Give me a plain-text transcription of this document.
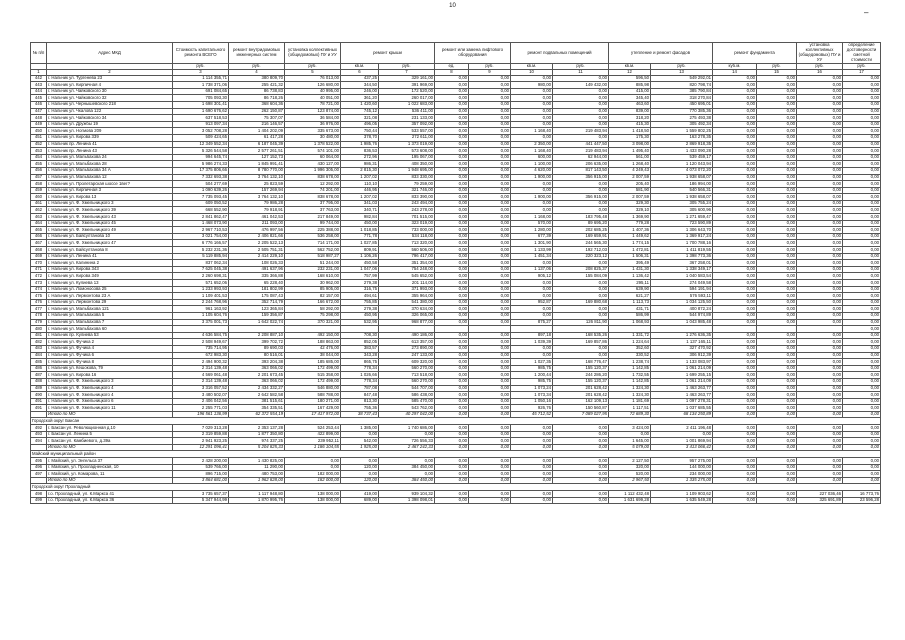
10
–
№ п/п	Адрес МКД	Стоимость капитального ремонта ВСЕГО	ремонт внутридомовых инженерных систем	установка коллективных (общедомовых) ПУ и УУ	ремонт крыши		ремонт или замена лифтового оборудования		ремонт подвальных помещений		утепление и ремонт фасадов		ремонт фундамента		установка коллективных (общедомовых) ПУ и УУ	определение достоверности сметной стоимости
		руб.	руб.	руб.	кв.м.	руб.	ед.	руб.	кв.м.	руб.	кв.м.	руб.	куб.м.	руб.	руб.	руб.
1	2	3	4	5	6	7	8	9	10	11	12	13	14	15	16	17
442	г. Нальчик ул. Тургенева 23	1 114 355,71	380 809,70	76 013,00	437,25	329 161,00	0,00	0,00	0,00	0,00	596,50	549 292,01	0,00	0,00	0,00	0,00
443	г. Нальчик ул. Кирпичная 4	1 738 371,06	255 421,32	126 680,00	344,50	391 969,00	0,00	0,00	980,00	149 432,00	885,98	820 798,74	0,00	0,00	0,00	0,00
444	г. Нальчик ул. Чайковского 30	691 084,65	86 738,83	40 995,00	246,00	172 520,00	0,00	0,00	0,00	0,00	415,00	385 790,84	0,00	0,00	0,00	0,00
445	г. Нальчик ул. Чайковского 32	705 093,30	86 718,26	40 051,00	361,20	260 017,00	0,00	0,00	0,00	0,00	345,40	318 270,84	0,00	0,00	0,00	0,00
446	г. Нальчик ул. Чернышевского 218	1 698 301,41	368 604,36	78 721,00	1 420,60	1 022 683,00	0,00	0,00	0,00	0,00	463,60	450 695,01	0,00	0,00	0,00	0,00
447	г. Нальчик ул. Чкалова 122	1 690 676,62	262 150,87	123 874,00	745,12	536 411,00	0,00	0,00	0,00	0,00	839,00	770 385,36	0,00	0,00	0,00	0,00
448	г. Нальчик ул. Чайковского 34	637 518,53	75 307,07	36 584,00	321,08	231 133,00	0,00	0,00	0,00	0,00	318,20	275 493,38	0,00	0,00	0,00	0,00
449	г. Нальчик ул. Дружбы 19	913 097,34	216 146,57	36 976,00	496,05	357 092,00	0,00	0,00	0,00	0,00	415,30	305 492,34	0,00	0,00	0,00	0,00
450	г. Нальчик ул. Ногмова 209	3 052 708,28	1 404 202,09	335 673,00	750,44	533 557,00	0,00	0,00	1 168,40	219 483,94	1 418,50	1 559 802,25	0,00	0,00	0,00	0,00
451	г. Нальчик ул. Кирова 339	509 424,65	61 417,28	30 480,00	378,70	272 611,00	0,00	0,00	0,00	0,00	175,30	163 278,35	0,00	0,00	0,00	0,00
452	г. Нальчик пр. Ленина 41	12 349 552,34	6 187 045,39	1 378 522,00	1 985,76	1 373 019,00	0,00	0,00	2 350,00	441 447,50	3 098,00	2 869 918,35	0,00	0,00	0,00	0,00
453	г. Нальчик пр. Ленина 43	5 326 544,58	2 577 261,51	574 101,00	836,53	573 608,00	0,00	0,00	1 168,40	219 483,94	1 495,40	1 433 090,28	0,00	0,00	0,00	0,00
454	г. Нальчик ул. Мальбахова 24	994 645,74	127 152,73	60 064,00	272,96	195 067,00	0,00	0,00	600,00	62 944,00	561,00	539 459,17	0,00	0,00	0,00	0,00
455	г. Нальчик ул. Мальбахова 28	5 986 274,33	1 845 991,41	430 127,00	986,31	408 350,00	0,00	0,00	1 100,00	206 635,00	1 268,40	1 120 043,94	0,00	0,00	0,00	0,00
456	г. Нальчик ул. Мальбахова 34 А	17 375 806,66	8 780 770,00	1 996 305,00	2 815,30	1 948 695,00	0,00	0,00	4 620,00	817 143,50	4 249,43	4 073 072,20	0,00	0,00	0,00	0,00
457	г. Нальчик ул. Мальбахова 12	7 332 693,38	3 764 132,10	838 678,00	1 207,02	833 330,00	0,00	0,00	1 900,00	356 915,00	2 007,59	1 938 658,07	0,00	0,00	0,00	0,00
458	г. Нальчик ул. Пролетарская шоссе 1вег?	504 277,69	25 823,59	12 292,00	110,10	79 259,00	0,00	0,00	0,00	0,00	205,40	186 994,00	0,00	0,00	0,00	0,00
459	г. Нальчик ул. Кирпичная 3	1 090 639,26	157 269,94	74 201,00	446,95	321 746,00	0,00	0,00	0,00	0,00	581,90	540 566,31	0,00	0,00	0,00	0,00
460	г. Нальчик ул. Кирова 13	7 735 093,45	3 764 132,10	838 678,00	1 207,02	833 390,00	0,00	0,00	1 900,00	356 915,00	2 007,59	1 938 658,07	0,00	0,00	0,00	0,00
461	г. Нальчик ул. Ф. Хмельницкого 3	609 050,52	79 986,28	37 795,00	341,03	243 494,00	0,00	0,00	0,00	0,00	329,30	305 755,24	0,00	0,00	0,00	0,00
462	г. Нальчик ул. Ф. Хмельницкого 39	668 552,90	79 918,91	37 763,00	340,71	243 278,00	0,00	0,00	0,00	0,00	329,10	305 600,96	0,00	0,00	0,00	0,00
463	г. Нальчик ул. Ф. Хмельницкого 43	2 841 862,47	461 042,53	217 849,00	982,84	701 515,00	0,00	0,00	1 168,00	183 795,48	1 369,90	1 271 659,47	0,00	0,00	0,00	0,00
464	г. Нальчик ул. Ф. Хмельницкого 45	1 468 073,90	211 093,00	99 744,00	450,00	323 019,00	0,00	0,00	570,00	89 695,20	779,28	723 590,89	0,00	0,00	0,00	0,00
465	г. Нальчик ул. Ф. Хмельницкого 49	2 967 710,53	476 997,56	225 388,00	1 018,85	733 000,00	0,00	0,00	1 280,00	202 685,25	1 407,36	1 306 643,70	0,00	0,00	0,00	0,00
466	г. Нальчик ул. Байсултанова 10	3 021 754,00	2 406 821,66	536 258,00	771,78	534 118,00	0,00	0,00	677,39	169 659,91	1 449,62	1 369 917,24	0,00	0,00	0,00	0,00
467	г. Нальчик ул. Ф. Хмельницкого 47	6 776 166,57	2 205 522,13	714 171,00	1 027,85	713 320,00	0,00	0,00	1 301,90	244 565,30	1 774,15	1 700 788,16	0,00	0,00	0,00	0,00
468	г. Нальчик ул. Байсултанова 8	5 232 231,36	2 505 751,31	562 752,00	809,91	560 506,00	0,00	0,00	1 133,99	192 712,03	1 472,81	1 411 819,55	0,00	0,00	0,00	0,00
469	г. Нальчик ул. Ленина 41	5 119 885,94	2 414 229,10	518 987,27	1 106,26	796 417,00	0,00	0,00	1 451,34	220 323,12	1 506,31	1 398 773,36	0,00	0,00	0,00	0,00
470	г. Нальчик ул. Калинина 2	837 062,34	108 026,33	51 244,00	450,58	351 354,00	0,00	0,00	0,00	0,00	395,49	367 258,01	0,00	0,00	0,00	0,00
471	г. Нальчик ул. Кирова 343	7 625 045,38	491 637,96	232 231,00	1 047,06	754 248,00	0,00	0,00	1 137,06	208 825,37	1 431,30	1 338 349,17	0,00	0,00	0,00	0,00
472	г. Нальчик ул. Кирова 349	2 260 698,31	335 366,88	168 610,00	757,99	545 652,00	0,00	0,00	905,12	155 084,09	1 136,42	1 040 583,54	0,00	0,00	0,00	0,00
473	г. Нальчик ул. Кулиева 13	571 652,06	65 228,40	30 962,00	279,38	201 114,00	0,00	0,00	0,00	0,00	295,11	274 049,58	0,00	0,00	0,00	0,00
474	г. Нальчик ул. Ломоносова 25	1 233 993,93	181 802,99	85 905,00	316,75	371 993,00	0,00	0,00	0,00	0,00	639,90	594 191,94	0,00	0,00	0,00	0,00
475	г. Нальчик ул. Лермонтова 23 А	1 109 401,53	175 087,43	82 157,00	494,61	355 964,00	0,00	0,00	0,00	0,00	621,27	576 593,11	0,00	0,00	0,00	0,00
476	г. Нальчик ул. Лермонтова 29	2 244 768,96	352 714,79	166 672,00	755,85	541 380,00	0,00	0,00	952,87	169 880,68	1 113,73	1 034 125,50	0,00	0,00	0,00	0,00
477	г. Нальчик ул. Мальбахова 121	961 163,92	123 365,84	58 292,00	279,38	370 634,00	0,00	0,00	0,00	0,00	431,71	400 872,24	0,00	0,00	0,00	0,00
478	г. Нальчик ул. Мальбахова 5	1 105 604,76	159 356,87	75 298,00	450,95	326 065,00	0,00	0,00	0,00	0,00	586,99	544 974,89	0,00	0,00	0,00	0,00
479	г. Нальчик ул. Мальбахова 7	3 375 001,73	1 642 022,74	370 321,00	532,95	968 877,00	0,00	0,00	875,27	126 811,90	1 068,93	1 043 985,48	0,00	0,00	0,00	0,00
480	г. Нальчик ул. Мальбахова 60															0,00
481	г. Нальчик пр. Кулиева 53	4 636 584,75	2 208 887,10	492 150,00	708,30	490 186,00	0,00	0,00	897,18	168 535,26	1 331,72	1 276 636,35	0,00	0,00	0,00	0,00
482	г. Нальчик ул. Фучика 2	2 508 949,67	399 702,72	188 863,00	852,05	613 357,00	0,00	0,00	1 039,39	169 857,86	1 224,64	1 137 165,11	0,00	0,00	0,00	0,00
483	г. Нальчик ул. Фучика 4	735 714,95	89 690,03	42 476,00	383,57	273 890,00	0,00	0,00	0,00	0,00	352,60	327 470,92	0,00	0,00	0,00	0,00
484	г. Нальчик ул. Фучика 6	672 983,30	80 516,01	38 044,00	343,28	247 133,00	0,00	0,00	0,00	0,00	330,52	306 912,39	0,00	0,00	0,00	0,00
485	г. Нальчик ул. Фучика 8	2 494 900,32	393 204,38	185 685,00	865,75	609 320,00	0,00	0,00	1 027,35	168 776,47	1 238,74	1 133 083,97	0,00	0,00	0,00	0,00
486	г. Нальчик ул. Кешокова, 79	2 314 139,48	363 066,02	172 499,00	778,34	560 270,00	0,00	0,00	985,75	155 120,37	1 142,85	1 061 214,09	0,00	0,00	0,00	0,00
487	г. Нальчик ул. Кирова 16	4 569 061,48	2 201 673,45	515 358,00	1 026,66	713 518,00	0,00	0,00	1 200,44	244 286,20	1 732,55	1 699 255,15	0,00	0,00	0,00	0,00
488	г. Нальчик ул. Ф. Хмельницкого 3	2 314 139,48	363 066,02	172 499,00	778,34	560 270,00	0,00	0,00	985,75	155 120,37	1 142,85	1 061 214,09	0,00	0,00	0,00	0,00
489	г. Нальчик ул. Ф. Хмельницкого 4	3 316 057,52	2 434 332,27	546 880,00	787,08	544 707,00	0,00	0,00	1 073,24	201 628,42	1 324,30	1 463 263,77	0,00	0,00	0,00	0,00
490	г. Нальчик ул. Ф. Хмельницкого 4	3 480 502,07	2 642 582,58	588 788,00	847,48	586 438,00	0,00	0,00	1 073,34	201 628,42	1 324,30	1 463 263,77	0,00	0,00	0,00	0,00
491	г. Нальчик ул. Ф. Хмельницкого 6	2 406 042,56	381 515,61	180 271,00	813,30	585 470,00	0,00	0,00	1 050,16	162 109,13	1 181,69	1 097 278,31	0,00	0,00	0,00	0,00
491	г. Нальчик ул. Ф. Хмельницкого 11	2 255 771,03	354 335,51	167 429,00	755,36	543 762,00	0,00	0,00	926,76	150 560,87	1 117,51	1 037 685,55	0,00	0,00	0,00	0,00
	Итого по МО	196 561 136,99	62 372 554,19	17 417 972,00	38 737,43	40 297 042,00	0,00	0,00	45 712,52	7 089 027,95	72 689,30	68 134 250,89	0,00	0,00	0,00	0,00
Городской округ Баксан																
492	г. Баксан ул. Революционная д.10	7 029 313,28	2 353 137,28	524 253,44	1 385,00	1 740 686,00	0,00	0,00	0,00	0,00	3 424,00	2 411 196,48	0,00	0,00	0,00	0,00
493	г. Баксан ул. Ленина 5	2 319 859,88	1 877 350,80	422 899,00	0,00	0,00	0,00	0,00	0,00	0,00	0,00	0,00	0,00	0,00	0,00	0,00
494	г. Баксан ул. Камбиевого, д.39а	2 941 923,25	974 337,25	239 952,11	542,00	726 556,33	0,00	0,00	0,00	0,00	1 645,00	1 001 869,94	0,00	0,00	0,00	0,00
	Итого по МО	12 291 096,41	5 204 825,33	1 186 104,55	1 925,00	2 467 242,33	0,00	0,00	0,00	0,00	5 079,00	3 413 066,42	0,00	0,00	0,00	0,00
Майский муниципальный район																
495	г. Майский, ул. Энгельса 37	2 428 200,00	1 430 825,00	0,00	0,00	0,00	0,00	0,00	0,00	0,00	2 127,50	957 275,00	0,00	0,00	0,00	0,00
496	г. Майский, ул. Прохладненская, 10	539 766,00	11 290,00	0,00	120,00	384 450,00	0,00	0,00	0,00	0,00	320,00	144 000,00	0,00	0,00	0,00	0,00
497	г. Майский, ул. Комарова, 11	896 715,00	480 753,00	182 000,00	0,00	0,00	0,00	0,00	0,00	0,00	520,00	234 000,00	0,00	0,00	0,00	0,00
	Итого по МО	3 864 681,00	1 962 828,00	182 000,00	120,00	384 450,00	0,00	0,00	0,00	0,00	2 967,50	1 335 275,00	0,00	0,00	0,00	0,00
Городской округ Прохладный																
498	г.о. Прохладный, ул. К.Маркса 41	3 735 657,37	1 117 948,80	138 000,00	419,00	939 104,32	0,00	0,00	0,00	0,00	1 112 432,48	1 109 903,62	0,00	0,00	227 036,46	16 773,76
499	г.о. Прохладный, ул. К.Маркса 36	5 347 944,99	1 870 995,76	138 000,00	689,00	1 398 098,01	0,00	0,00	0,00	0,00	1 631 699,28	1 635 549,28	0,00	0,00	325 691,89	23 596,28
